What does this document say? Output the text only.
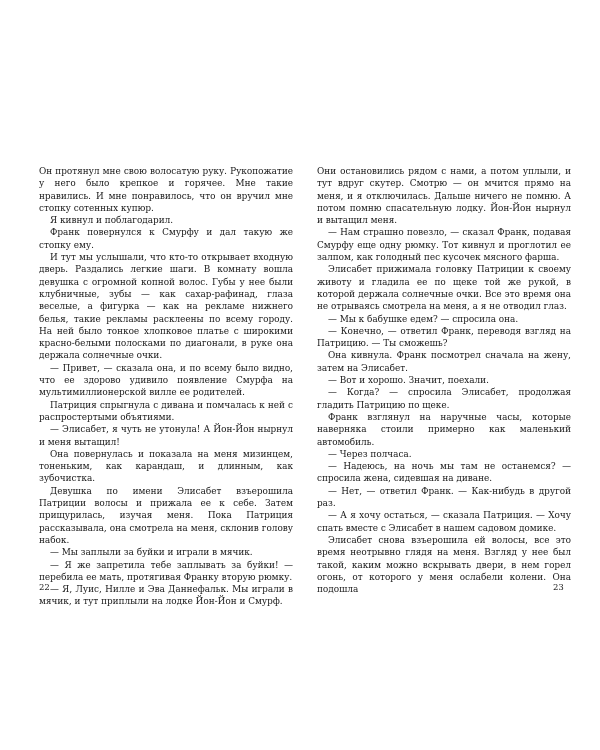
Он протянул мне свою волосатую руку. Рукопожатие у него было крепкое и горячее. Мне такие нравились. И мне понравилось, что он вручил мне стопку сотенных купюр.

Я кивнул и поблагодарил.

Франк повернулся к Смурфу и дал такую же стопку ему.

И тут мы услышали, что кто-то открывает входную дверь. Раздались легкие шаги. В комнату вошла девушка с огромной копной волос. Губы у нее были клубничные, зубы — как сахар-рафинад, глаза веселые, а фигурка — как на рекламе нижнего белья, такие рекламы расклеены по всему городу. На ней было тонкое хлопковое платье с широкими красно-белыми полосками по диагонали, в руке она держала солнечные очки.

— Привет, — сказала она, и по всему было видно, что ее здорово удивило появление Смурфа на мультимиллионерской вилле ее родителей.

Патриция спрыгнула с дивана и помчалась к ней с распростертыми объятиями.

— Элисабет, я чуть не утонула! А Йон-Йон нырнул и меня вытащил!

Она повернулась и показала на меня мизинцем, тоненьким, как карандаш, и длинным, как зубочистка.

Девушка по имени Элисабет взъерошила Патриции волосы и прижала ее к себе. Затем прищурилась, изучая меня. Пока Патриция рассказывала, она смотрела на меня, склонив голову набок.

— Мы заплыли за буйки и играли в мячик.

— Я же запретила тебе заплывать за буйки! — перебила ее мать, протягивая Франку вторую рюмку.

— Я, Луис, Нилле и Эва Даннефальк. Мы играли в мячик, и тут приплыли на лодке Йон-Йон и Смурф.

Они остановились рядом с нами, а потом уплыли, и тут вдруг скутер. Смотрю — он мчится прямо на меня, и я отключилась. Дальше ничего не помню. А потом помню спасательную лодку. Йон-Йон нырнул и вытащил меня.

— Нам страшно повезло, — сказал Франк, подавая Смурфу еще одну рюмку. Тот кивнул и проглотил ее залпом, как голодный пес кусочек мясного фарша.

Элисабет прижимала головку Патриции к своему животу и гладила ее по щеке той же рукой, в которой держала солнечные очки. Все это время она не отрываясь смотрела на меня, а я не отводил глаз.

— Мы к бабушке едем? — спросила она.

— Конечно, — ответил Франк, переводя взгляд на Патрицию. — Ты сможешь?

Она кивнула. Франк посмотрел сначала на жену, затем на Элисабет.

— Вот и хорошо. Значит, поехали.

— Когда? — спросила Элисабет, продолжая гладить Патрицию по щеке.

Франк взглянул на наручные часы, которые наверняка стоили примерно как маленький автомобиль.

— Через полчаса.

— Надеюсь, на ночь мы там не останемся? — спросила жена, сидевшая на диване.

— Нет, — ответил Франк. — Как-нибудь в другой раз.

— А я хочу остаться, — сказала Патриция. — Хочу спать вместе с Элисабет в нашем садовом домике.

Элисабет снова взъерошила ей волосы, все это время неотрывно глядя на меня. Взгляд у нее был такой, каким можно вскрывать двери, в нем горел огонь, от которого у меня ослабели колени. Она подошла

22	23
